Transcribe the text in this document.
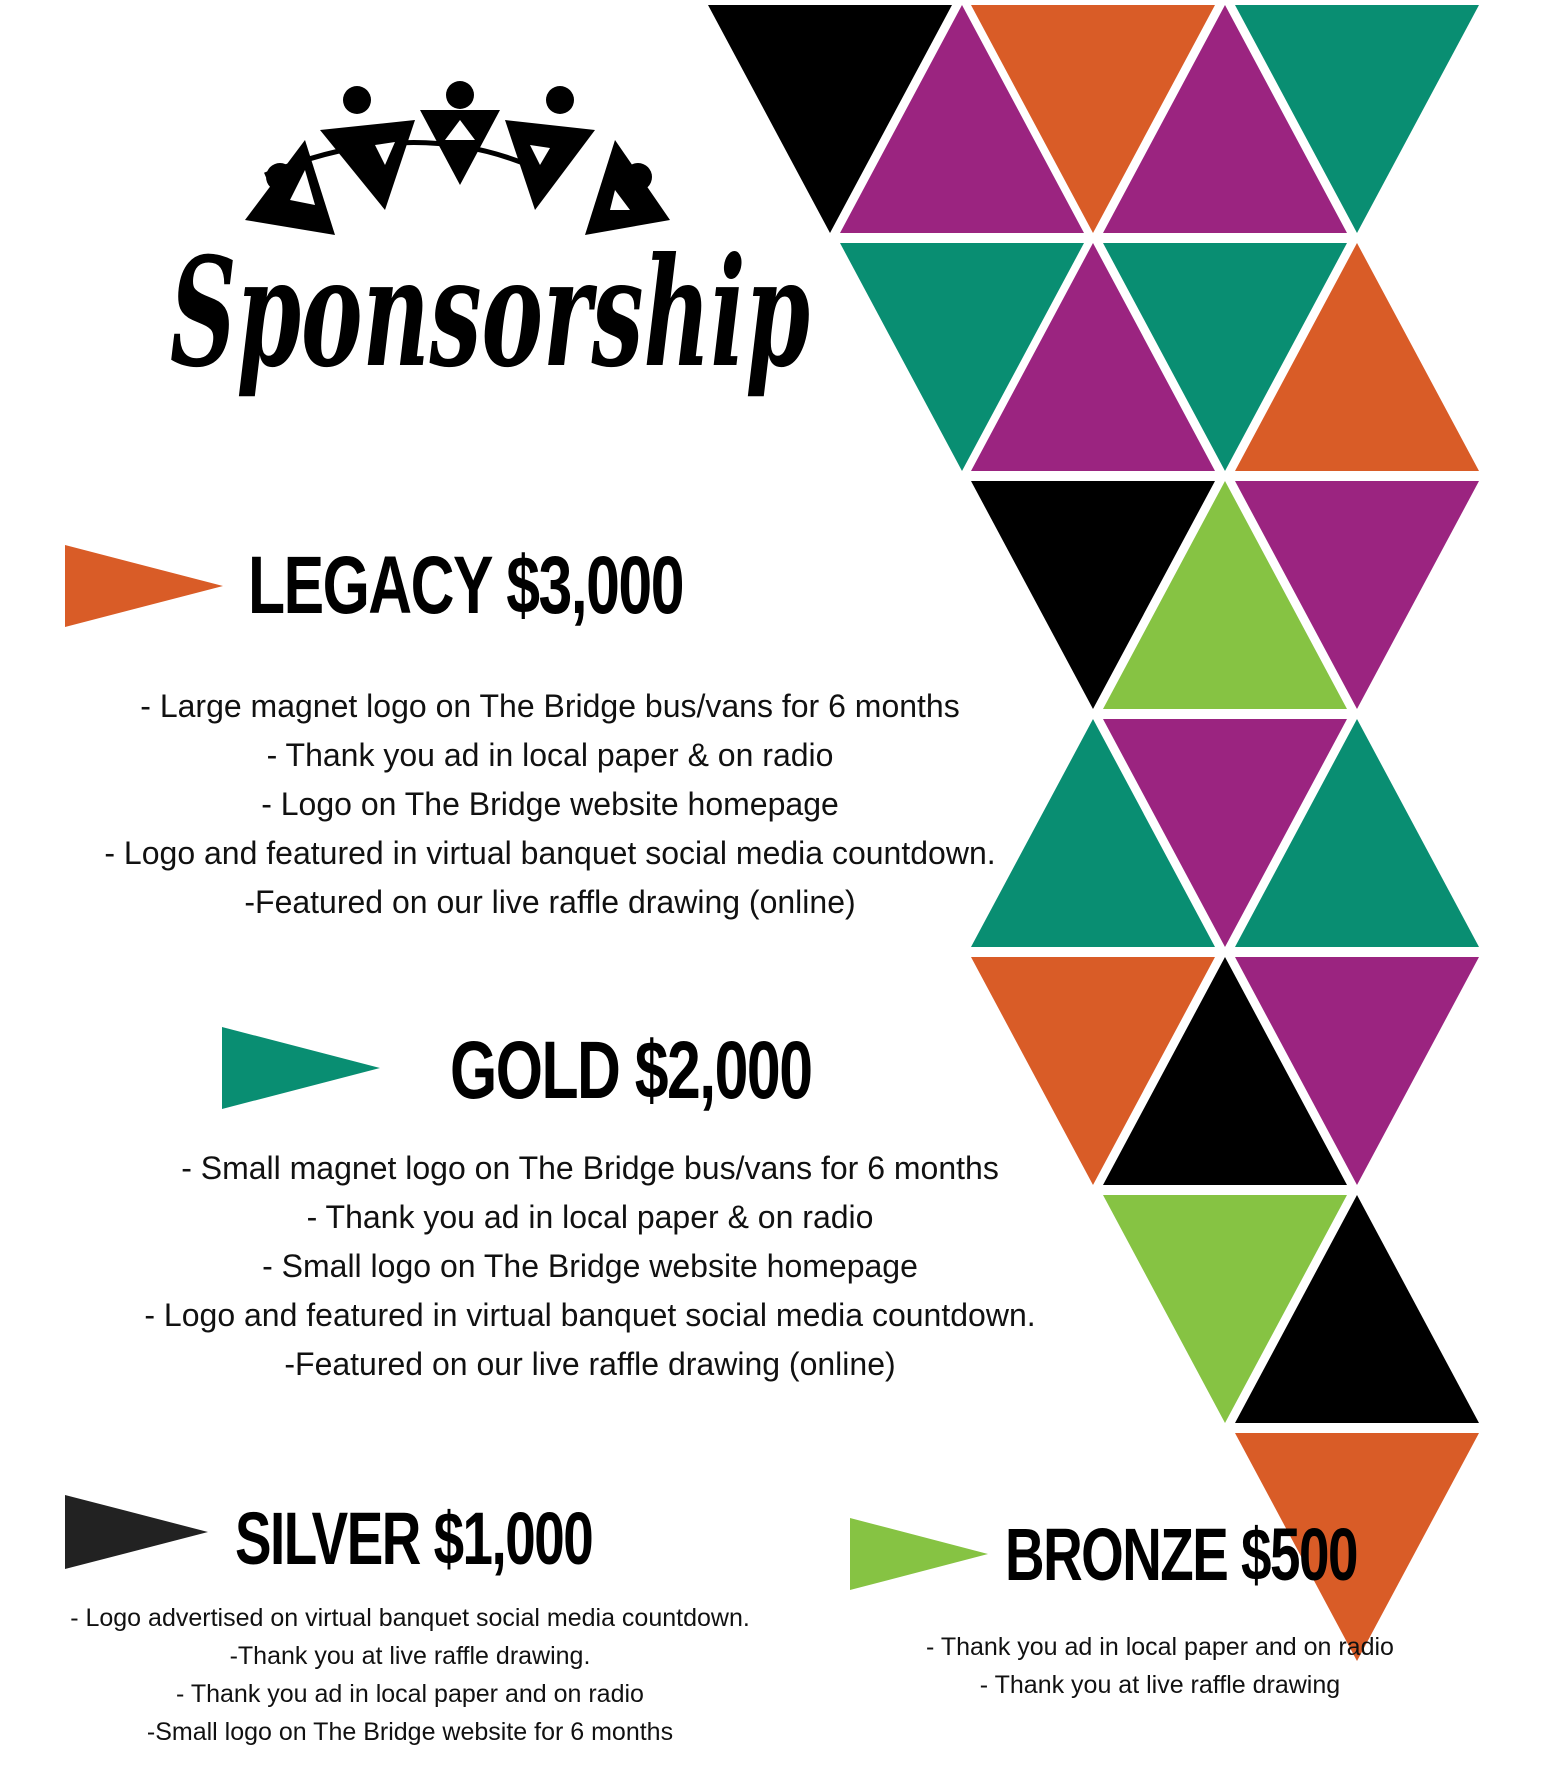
Sponsorship
LEGACY $3,000
- Large magnet logo on The Bridge bus/vans for 6 months
- Thank you ad in local paper & on radio
- Logo on The Bridge website homepage
- Logo and featured in virtual banquet social media countdown.
-Featured on our live raffle drawing (online)
GOLD $2,000
- Small magnet logo on The Bridge bus/vans for 6 months
- Thank you ad in local paper & on radio
- Small logo on The Bridge website homepage
- Logo and featured in virtual banquet social media countdown.
-Featured on our live raffle drawing (online)
SILVER $1,000
- Logo advertised on virtual banquet social media countdown.
-Thank you at live raffle drawing.
- Thank you ad in local paper and on radio
-Small logo on The Bridge website for 6 months
BRONZE $500
- Thank you ad in local paper and on radio
- Thank you at live raffle drawing
